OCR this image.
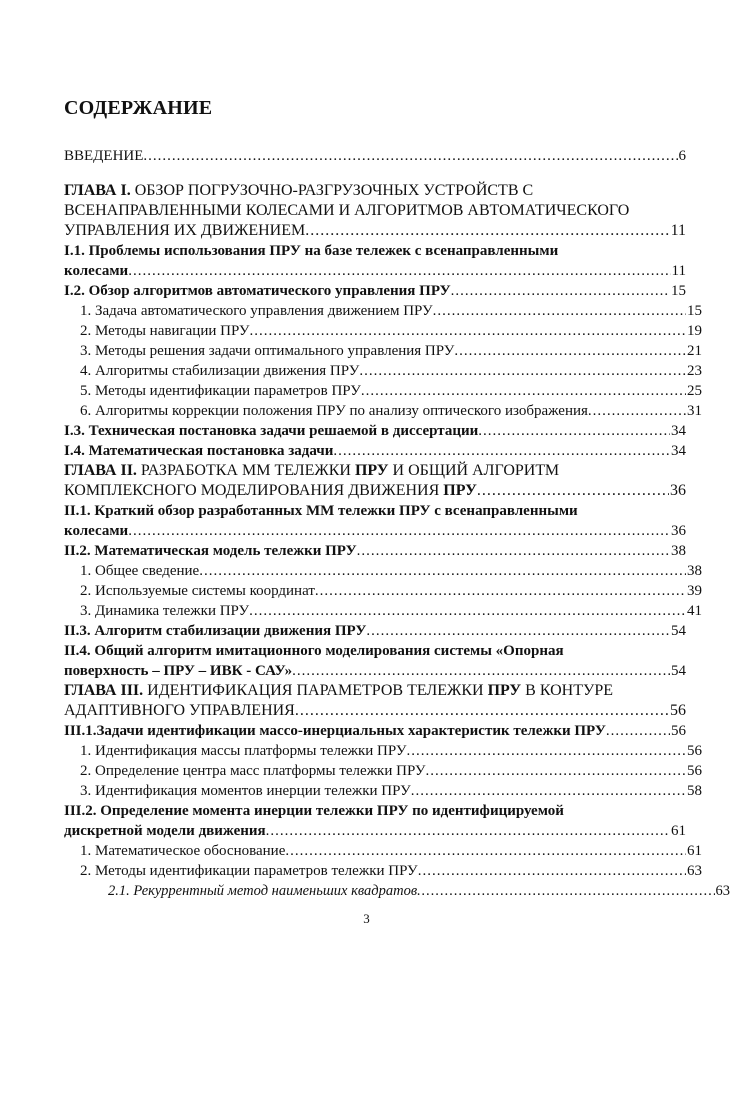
СОДЕРЖАНИЕ
ВВЕДЕНИЕ .....	6
ГЛАВА I. ОБЗОР ПОГРУЗОЧНО-РАЗГРУЗОЧНЫХ УСТРОЙСТВ С
ВСЕНАПРАВЛЕННЫМИ КОЛЕСАМИ И АЛГОРИТМОВ АВТОМАТИЧЕСКОГО
УПРАВЛЕНИЯ ИХ ДВИЖЕНИЕМ .....	11
I.1. Проблемы использования ПРУ на базе тележек с всенаправленными
колесами .....	11
I.2. Обзор алгоритмов автоматического управления ПРУ .....	15
1. Задача автоматического управления движением ПРУ .....	15
2. Методы навигации ПРУ .....	19
3. Методы решения задачи оптимального управления ПРУ .....	21
4. Алгоритмы стабилизации движения ПРУ .....	23
5. Методы идентификации параметров ПРУ .....	25
6. Алгоритмы коррекции положения ПРУ по анализу оптического изображения .....	31
I.3. Техническая постановка задачи решаемой в диссертации .....	34
I.4. Математическая постановка задачи .....	34
ГЛАВА II. РАЗРАБОТКА ММ ТЕЛЕЖКИ ПРУ И ОБЩИЙ АЛГОРИТМ
КОМПЛЕКСНОГО МОДЕЛИРОВАНИЯ ДВИЖЕНИЯ ПРУ .....	36
II.1. Краткий обзор разработанных ММ тележки ПРУ с всенаправленными
колесами .....	36
II.2. Математическая модель тележки ПРУ .....	38
1. Общее сведение .....	38
2. Используемые системы координат .....	39
3. Динамика тележки ПРУ .....	41
II.3. Алгоритм стабилизации движения ПРУ .....	54
II.4. Общий алгоритм имитационного моделирования системы «Опорная
поверхность – ПРУ – ИВК - САУ» .....	54
ГЛАВА III. ИДЕНТИФИКАЦИЯ ПАРАМЕТРОВ ТЕЛЕЖКИ ПРУ В КОНТУРЕ
АДАПТИВНОГО УПРАВЛЕНИЯ .....	56
III.1.Задачи идентификации массо-инерциальных характеристик тележки ПРУ .....	56
1. Идентификация массы платформы тележки ПРУ .....	56
2. Определение центра масс платформы тележки ПРУ .....	56
3. Идентификация моментов инерции тележки ПРУ .....	58
III.2. Определение момента инерции тележки ПРУ по идентифицируемой
дискретной модели движения .....	61
1. Математическое обоснование .....	61
2. Методы идентификации параметров тележки ПРУ .....	63
2.1. Рекуррентный метод наименьших квадратов .....	63
3
